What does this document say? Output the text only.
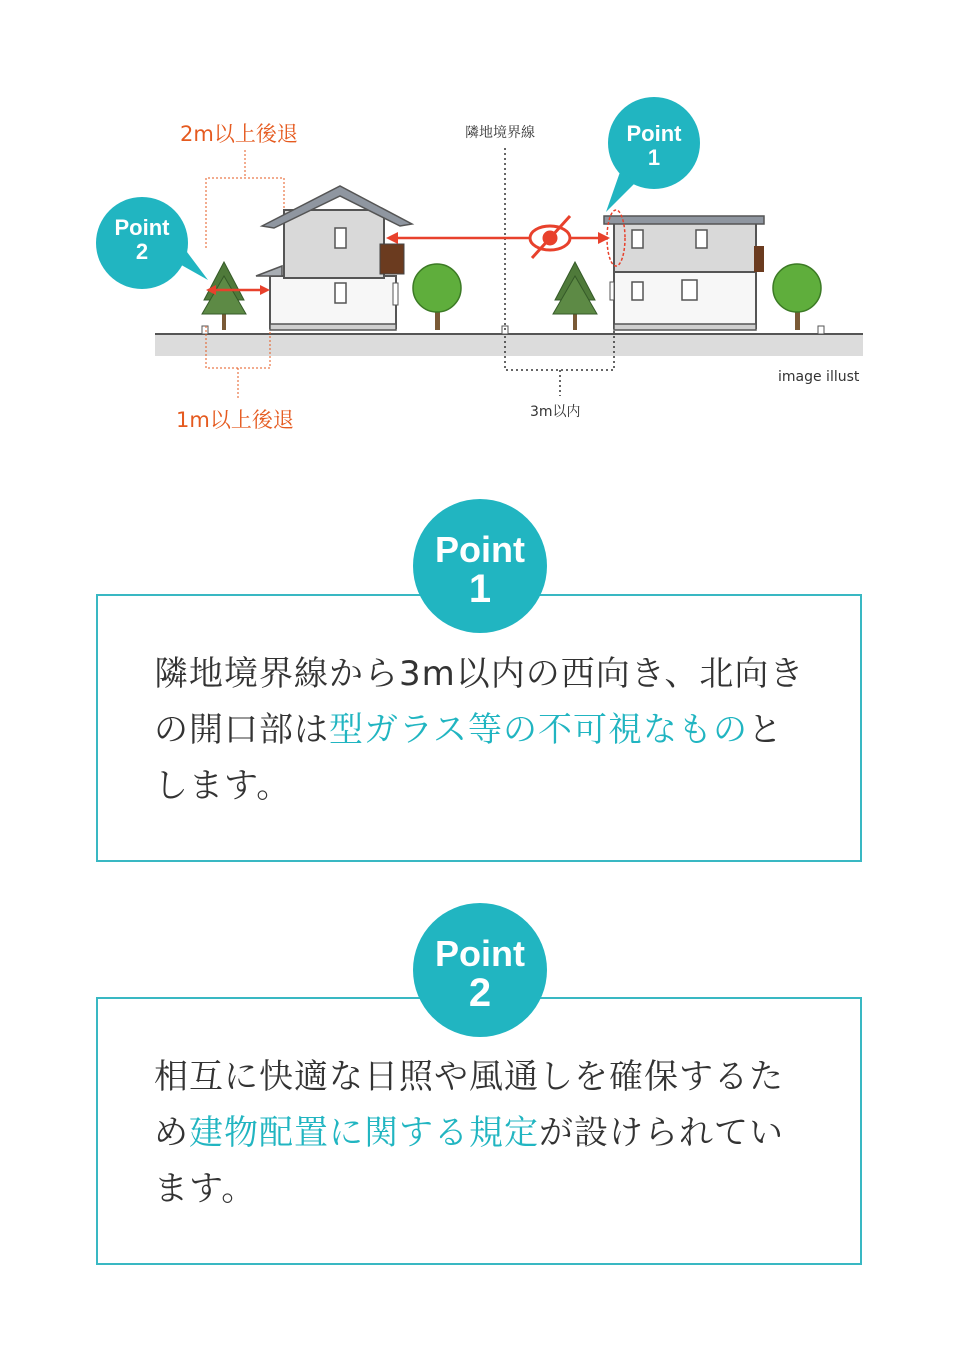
2m以上後退
1m以上後退
隣地境界線
3m以内
image illust
Point
1
Point
2
Point
1
隣地境界線から3m以内の西向き、北向きの開口部は型ガラス等の不可視なものとします。
Point
2
相互に快適な日照や風通しを確保するため建物配置に関する規定が設けられています。
